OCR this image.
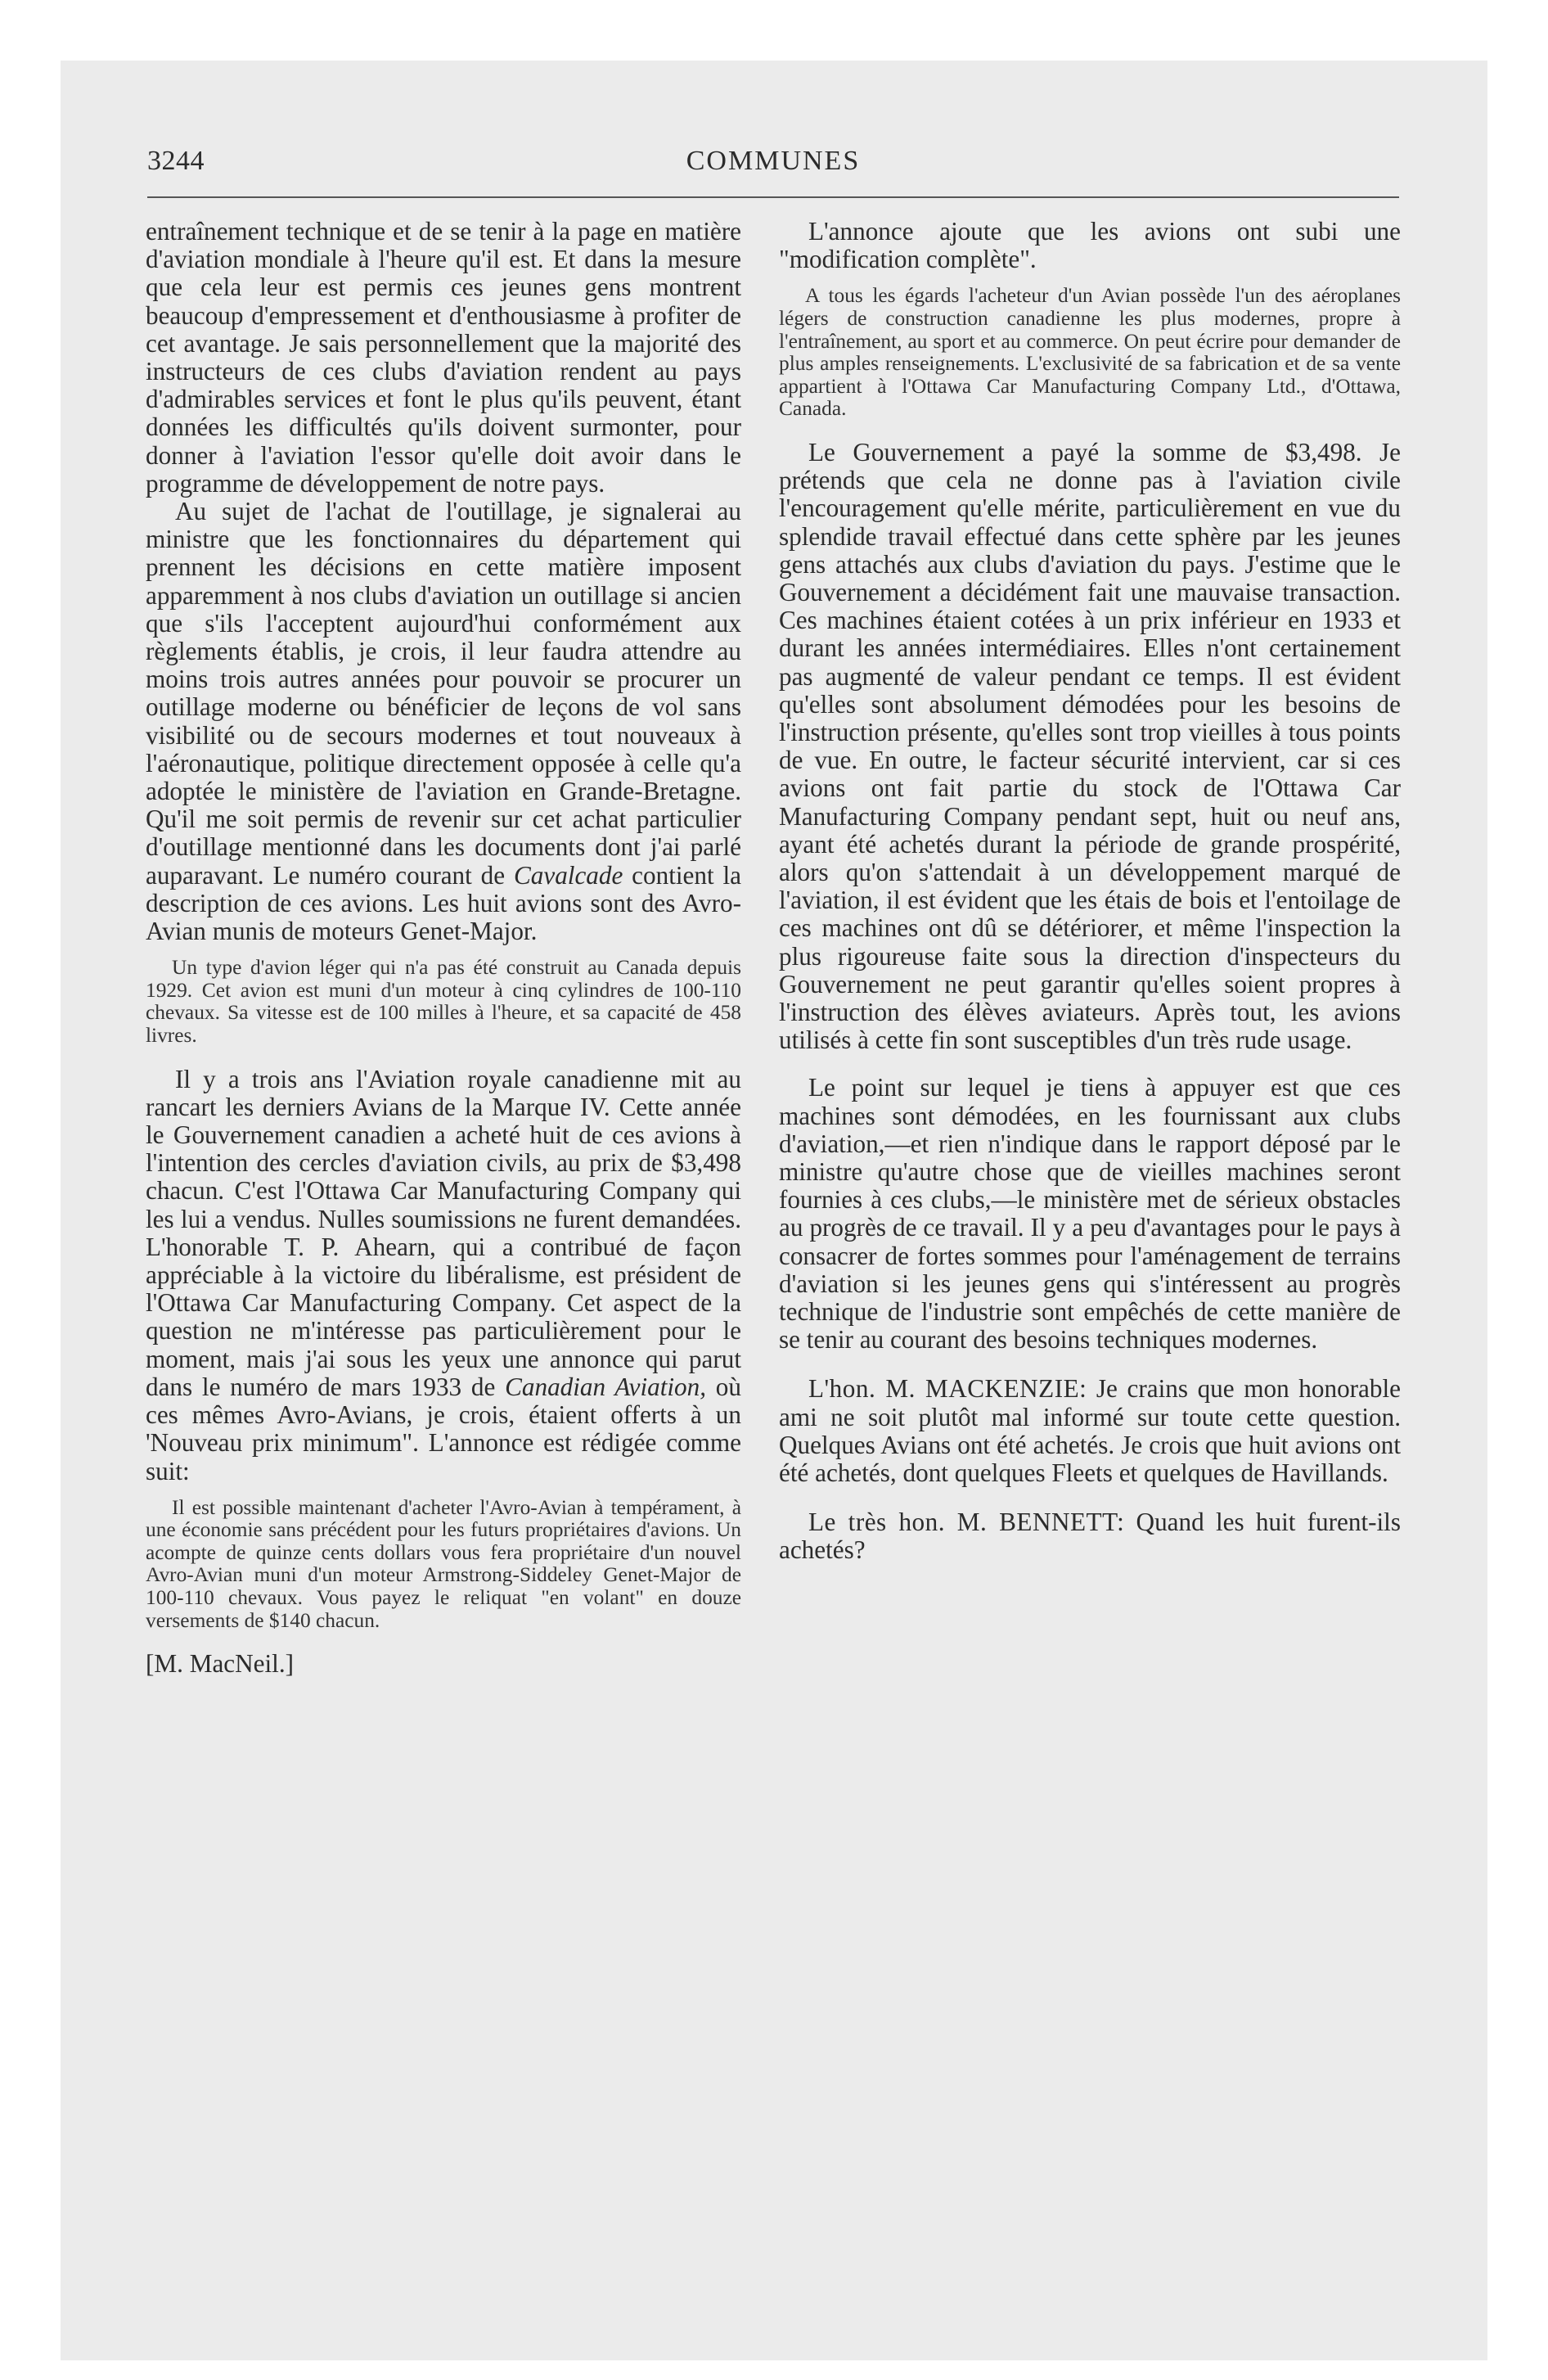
3244	COMMUNES

entraînement technique et de se tenir à la page en matière d'aviation mondiale à l'heure qu'il est. Et dans la mesure que cela leur est permis ces jeunes gens montrent beaucoup d'empressement et d'enthousiasme à profiter de cet avantage. Je sais personnellement que la majorité des instructeurs de ces clubs d'aviation rendent au pays d'admirables services et font le plus qu'ils peuvent, étant données les difficultés qu'ils doivent surmonter, pour donner à l'aviation l'essor qu'elle doit avoir dans le programme de développement de notre pays.

Au sujet de l'achat de l'outillage, je signalerai au ministre que les fonctionnaires du département qui prennent les décisions en cette matière imposent apparemment à nos clubs d'aviation un outillage si ancien que s'ils l'acceptent aujourd'hui conformément aux règlements établis, je crois, il leur faudra attendre au moins trois autres années pour pouvoir se procurer un outillage moderne ou bénéficier de leçons de vol sans visibilité ou de secours modernes et tout nouveaux à l'aéronautique, politique directement opposée à celle qu'a adoptée le ministère de l'aviation en Grande-Bretagne. Qu'il me soit permis de revenir sur cet achat particulier d'outillage mentionné dans les documents dont j'ai parlé auparavant. Le numéro courant de Cavalcade contient la description de ces avions. Les huit avions sont des Avro-Avian munis de moteurs Genet-Major.

Un type d'avion léger qui n'a pas été construit au Canada depuis 1929. Cet avion est muni d'un moteur à cinq cylindres de 100-110 chevaux. Sa vitesse est de 100 milles à l'heure, et sa capacité de 458 livres.

Il y a trois ans l'Aviation royale canadienne mit au rancart les derniers Avians de la Marque IV. Cette année le Gouvernement canadien a acheté huit de ces avions à l'intention des cercles d'aviation civils, au prix de $3,498 chacun. C'est l'Ottawa Car Manufacturing Company qui les lui a vendus. Nulles soumissions ne furent demandées. L'honorable T. P. Ahearn, qui a contribué de façon appréciable à la victoire du libéralisme, est président de l'Ottawa Car Manufacturing Company. Cet aspect de la question ne m'intéresse pas particulièrement pour le moment, mais j'ai sous les yeux une annonce qui parut dans le numéro de mars 1933 de Canadian Aviation, où ces mêmes Avro-Avians, je crois, étaient offerts à un 'Nouveau prix minimum". L'annonce est rédigée comme suit:

Il est possible maintenant d'acheter l'Avro-Avian à tempérament, à une économie sans précédent pour les futurs propriétaires d'avions. Un acompte de quinze cents dollars vous fera propriétaire d'un nouvel Avro-Avian muni d'un moteur Armstrong-Siddeley Genet-Major de 100-110 chevaux. Vous payez le reliquat "en volant" en douze versements de $140 chacun.

[M. MacNeil.]

L'annonce ajoute que les avions ont subi une "modification complète".

A tous les égards l'acheteur d'un Avian possède l'un des aéroplanes légers de construction canadienne les plus modernes, propre à l'entraînement, au sport et au commerce. On peut écrire pour demander de plus amples renseignements. L'exclusivité de sa fabrication et de sa vente appartient à l'Ottawa Car Manufacturing Company Ltd., d'Ottawa, Canada.

Le Gouvernement a payé la somme de $3,498. Je prétends que cela ne donne pas à l'aviation civile l'encouragement qu'elle mérite, particulièrement en vue du splendide travail effectué dans cette sphère par les jeunes gens attachés aux clubs d'aviation du pays. J'estime que le Gouvernement a décidément fait une mauvaise transaction. Ces machines étaient cotées à un prix inférieur en 1933 et durant les années intermédiaires. Elles n'ont certainement pas augmenté de valeur pendant ce temps. Il est évident qu'elles sont absolument démodées pour les besoins de l'instruction présente, qu'elles sont trop vieilles à tous points de vue. En outre, le facteur sécurité intervient, car si ces avions ont fait partie du stock de l'Ottawa Car Manufacturing Company pendant sept, huit ou neuf ans, ayant été achetés durant la période de grande prospérité, alors qu'on s'attendait à un développement marqué de l'aviation, il est évident que les étais de bois et l'entoilage de ces machines ont dû se détériorer, et même l'inspection la plus rigoureuse faite sous la direction d'inspecteurs du Gouvernement ne peut garantir qu'elles soient propres à l'instruction des élèves aviateurs. Après tout, les avions utilisés à cette fin sont susceptibles d'un très rude usage.

Le point sur lequel je tiens à appuyer est que ces machines sont démodées, en les fournissant aux clubs d'aviation,—et rien n'indique dans le rapport déposé par le ministre qu'autre chose que de vieilles machines seront fournies à ces clubs,—le ministère met de sérieux obstacles au progrès de ce travail. Il y a peu d'avantages pour le pays à consacrer de fortes sommes pour l'aménagement de terrains d'aviation si les jeunes gens qui s'intéressent au progrès technique de l'industrie sont empêchés de cette manière de se tenir au courant des besoins techniques modernes.

L'hon. M. MACKENZIE: Je crains que mon honorable ami ne soit plutôt mal informé sur toute cette question. Quelques Avians ont été achetés. Je crois que huit avions ont été achetés, dont quelques Fleets et quelques de Havillands.

Le très hon. M. BENNETT: Quand les huit furent-ils achetés?
